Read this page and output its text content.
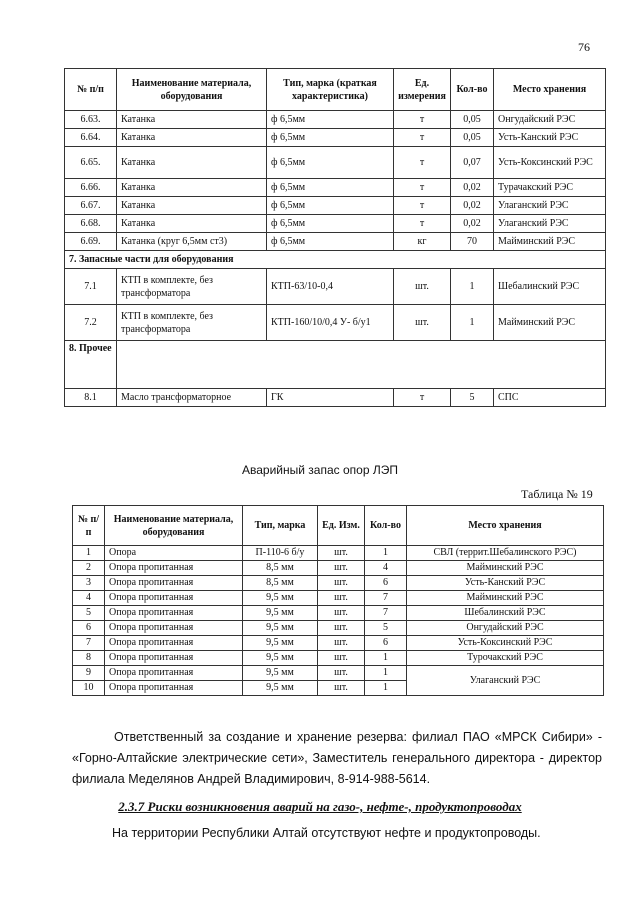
76
№ п/п	Наименование материала, оборудования	Тип, марка (краткая характеристика)	Ед. измерения	Кол-во	Место хранения
6.63.	Катанка	ф 6,5мм	т	0,05	Онгудайский РЭС
6.64.	Катанка	ф 6,5мм	т	0,05	Усть-Канский РЭС
6.65.	Катанка	ф 6,5мм	т	0,07	Усть-Коксинский РЭС
6.66.	Катанка	ф 6,5мм	т	0,02	Турачакский РЭС
6.67.	Катанка	ф 6,5мм	т	0,02	Улаганский РЭС
6.68.	Катанка	ф 6,5мм	т	0,02	Улаганский РЭС
6.69.	Катанка (круг 6,5мм ст3)	ф 6,5мм	кг	70	Майминский РЭС
7. Запасные части для оборудования					
7.1	КТП в комплекте, без трансформатора	КТП-63/10-0,4	шт.	1	Шебалинский РЭС
7.2	КТП в комплекте, без трансформатора	КТП-160/10/0,4 У- б/у1	шт.	1	Майминский РЭС
8. Прочее					
8.1	Масло трансформаторное	ГК	т	5	СПС
Аварийный запас опор ЛЭП
Таблица № 19
№ п/п	Наименование материала, оборудования	Тип, марка	Ед. Изм.	Кол-во	Место хранения
1	Опора	П-110-6 б/у	шт.	1	СВЛ (террит.Шебалинского РЭС)
2	Опора пропитанная	8,5 мм	шт.	4	Майминский РЭС
3	Опора пропитанная	8,5 мм	шт.	6	Усть-Канский РЭС
4	Опора пропитанная	9,5 мм	шт.	7	Майминский РЭС
5	Опора пропитанная	9,5 мм	шт.	7	Шебалинский РЭС
6	Опора пропитанная	9,5 мм	шт.	5	Онгудайский РЭС
7	Опора пропитанная	9,5 мм	шт.	6	Усть-Коксинский РЭС
8	Опора пропитанная	9,5 мм	шт.	1	Турочакский РЭС
9	Опора пропитанная	9,5 мм	шт.	1	Улаганский РЭС
10	Опора пропитанная	9,5 мм	шт.	1	
Ответственный за создание и хранение резерва: филиал ПАО «МРСК Сибири» - «Горно-Алтайские электрические сети», Заместитель генерального директора - директор филиала Меделянов Андрей Владимирович, 8-914-988-5614.
2.3.7 Риски возникновения аварий на газо-, нефте-, продуктопроводах
На территории Республики Алтай отсутствуют нефте и продуктопроводы.
